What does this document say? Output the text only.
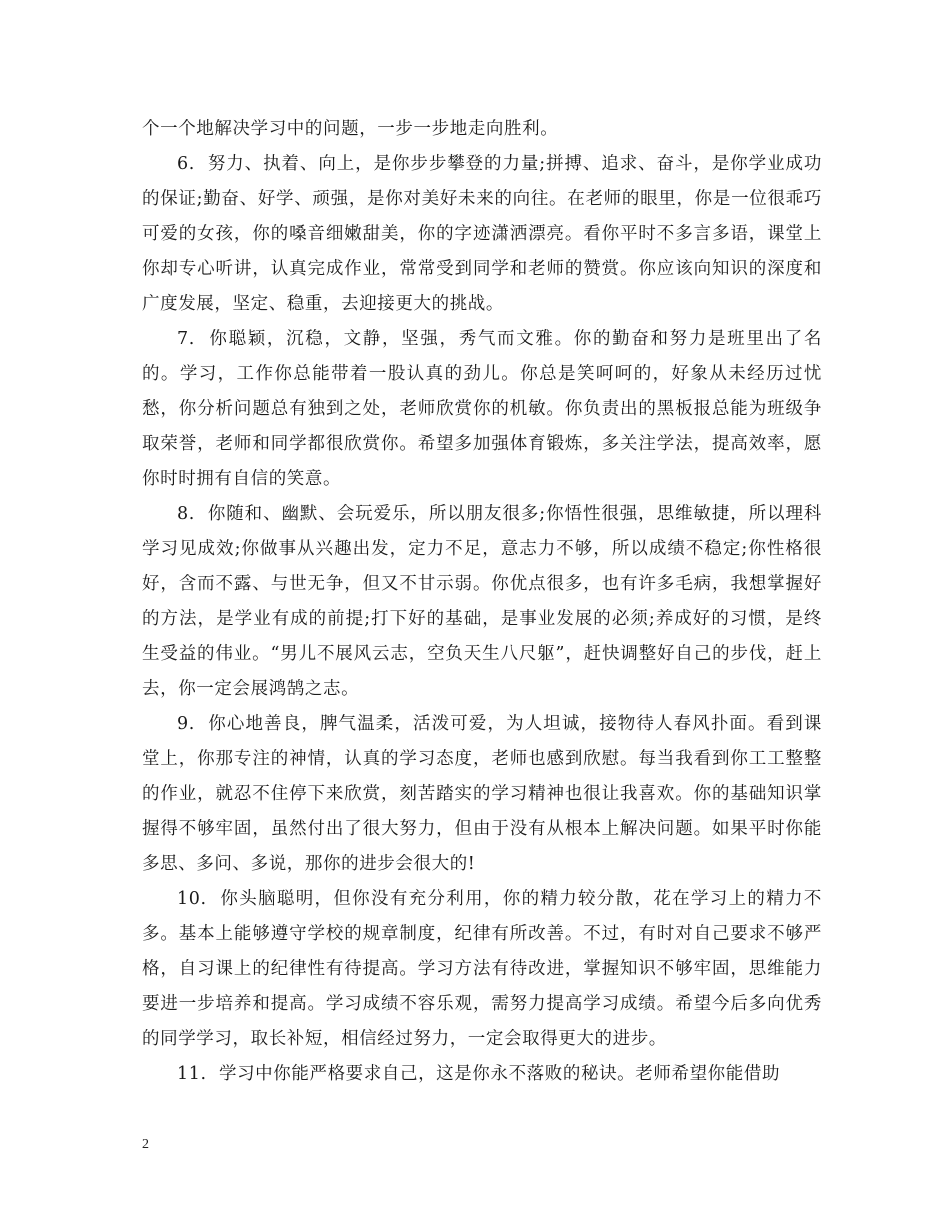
个一个地解决学习中的问题，一步一步地走向胜利。

6. 努力、执着、向上，是你步步攀登的力量;拼搏、追求、奋斗，是你学业成功的保证;勤奋、好学、顽强，是你对美好未来的向往。在老师的眼里，你是一位很乖巧可爱的女孩，你的嗓音细嫩甜美，你的字迹潇洒漂亮。看你平时不多言多语，课堂上你却专心听讲，认真完成作业，常常受到同学和老师的赞赏。你应该向知识的深度和广度发展，坚定、稳重，去迎接更大的挑战。

7. 你聪颖，沉稳，文静，坚强，秀气而文雅。你的勤奋和努力是班里出了名的。学习，工作你总能带着一股认真的劲儿。你总是笑呵呵的，好象从未经历过忧愁，你分析问题总有独到之处，老师欣赏你的机敏。你负责出的黑板报总能为班级争取荣誉，老师和同学都很欣赏你。希望多加强体育锻炼，多关注学法，提高效率，愿你时时拥有自信的笑意。

8. 你随和、幽默、会玩爱乐，所以朋友很多;你悟性很强，思维敏捷，所以理科学习见成效;你做事从兴趣出发，定力不足，意志力不够，所以成绩不稳定;你性格很好，含而不露、与世无争，但又不甘示弱。你优点很多，也有许多毛病，我想掌握好的方法，是学业有成的前提;打下好的基础，是事业发展的必须;养成好的习惯，是终生受益的伟业。“男儿不展风云志，空负天生八尺躯”，赶快调整好自己的步伐，赶上去，你一定会展鸿鹄之志。

9. 你心地善良，脾气温柔，活泼可爱，为人坦诚，接物待人春风扑面。看到课堂上，你那专注的神情，认真的学习态度，老师也感到欣慰。每当我看到你工工整整的作业，就忍不住停下来欣赏，刻苦踏实的学习精神也很让我喜欢。你的基础知识掌握得不够牢固，虽然付出了很大努力，但由于没有从根本上解决问题。如果平时你能多思、多问、多说，那你的进步会很大的!

10. 你头脑聪明，但你没有充分利用，你的精力较分散，花在学习上的精力不多。基本上能够遵守学校的规章制度，纪律有所改善。不过，有时对自己要求不够严格，自习课上的纪律性有待提高。学习方法有待改进，掌握知识不够牢固，思维能力要进一步培养和提高。学习成绩不容乐观，需努力提高学习成绩。希望今后多向优秀的同学学习，取长补短，相信经过努力，一定会取得更大的进步。

11. 学习中你能严格要求自己，这是你永不落败的秘诀。老师希望你能借助

2
